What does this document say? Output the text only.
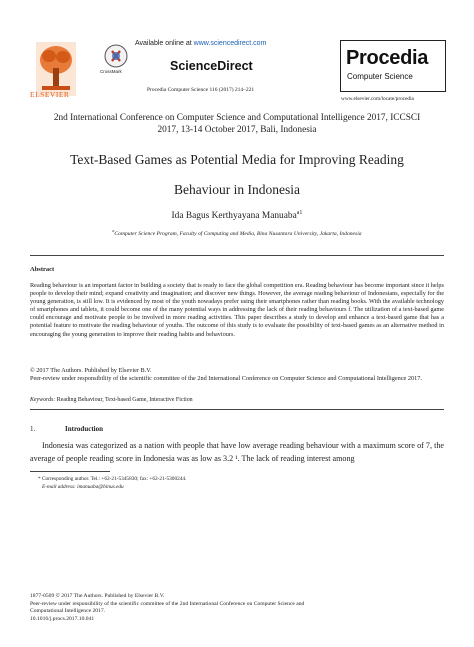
ELSEVIER
CrossMark
Available online at www.sciencedirect.com
ScienceDirect
Procedia Computer Science 116 (2017) 214–221
Procedia
Computer Science
www.elsevier.com/locate/procedia
2nd International Conference on Computer Science and Computational Intelligence 2017, ICCSCI
2017, 13-14 October 2017, Bali, Indonesia
Text-Based Games as Potential Media for Improving Reading
Behaviour in Indonesia
Ida Bagus Kerthyayana Manuaba$^{a1}$
$^a$Computer Science Program, Faculty of Computing and Media, Bina Nusantara University, Jakarta, Indonesia
Abstract
Reading behaviour is an important factor in building a society that is ready to face the global competition era. Reading behaviour has become important since it helps people to develop their mind; expand creativity and imagination; and discover new things. However, the average reading behaviour of Indonesians, especially for the young generation, is still low. It is evidenced by most of the youth nowadays prefer using their smartphones rather than reading books. With the available technology of smartphones and tablets, it could become one of the many potential ways in addressing the lack of their reading behaviours f. The utilization of a text-based game could encourage and motivate people to be involved in more reading activities. This paper describes a study to develop and enhance a text-based game that has a potential feature to motivate the reading behaviour of youths. The outcome of this study is to evaluate the possibility of text-based games as an alternative method in encouraging the young generation to improve their reading habits and behaviours.
© 2017 The Authors. Published by Elsevier B.V.
Peer-review under responsibility of the scientific committee of the 2nd International Conference on Computer Science and Computational Intelligence 2017.
Keywords: Reading Behaviour, Text-based Game, Interactive Fiction
1.	Introduction
Indonesia was categorized as a nation with people that have low average reading behaviour with a maximum score of 7, the average of people reading score in Indonesia was as low as 3.2 ¹. The lack of reading interest among
* Corresponding author. Tel.: +62-21-5345830; fax: +62-21-5300244.
E-mail address: imanuaba@binus.edu
1877-0509 © 2017 The Authors. Published by Elsevier B.V.
Peer-review under responsibility of the scientific committee of the 2nd International Conference on Computer Science and
Computational Intelligence 2017.
10.1016/j.procs.2017.10.041
